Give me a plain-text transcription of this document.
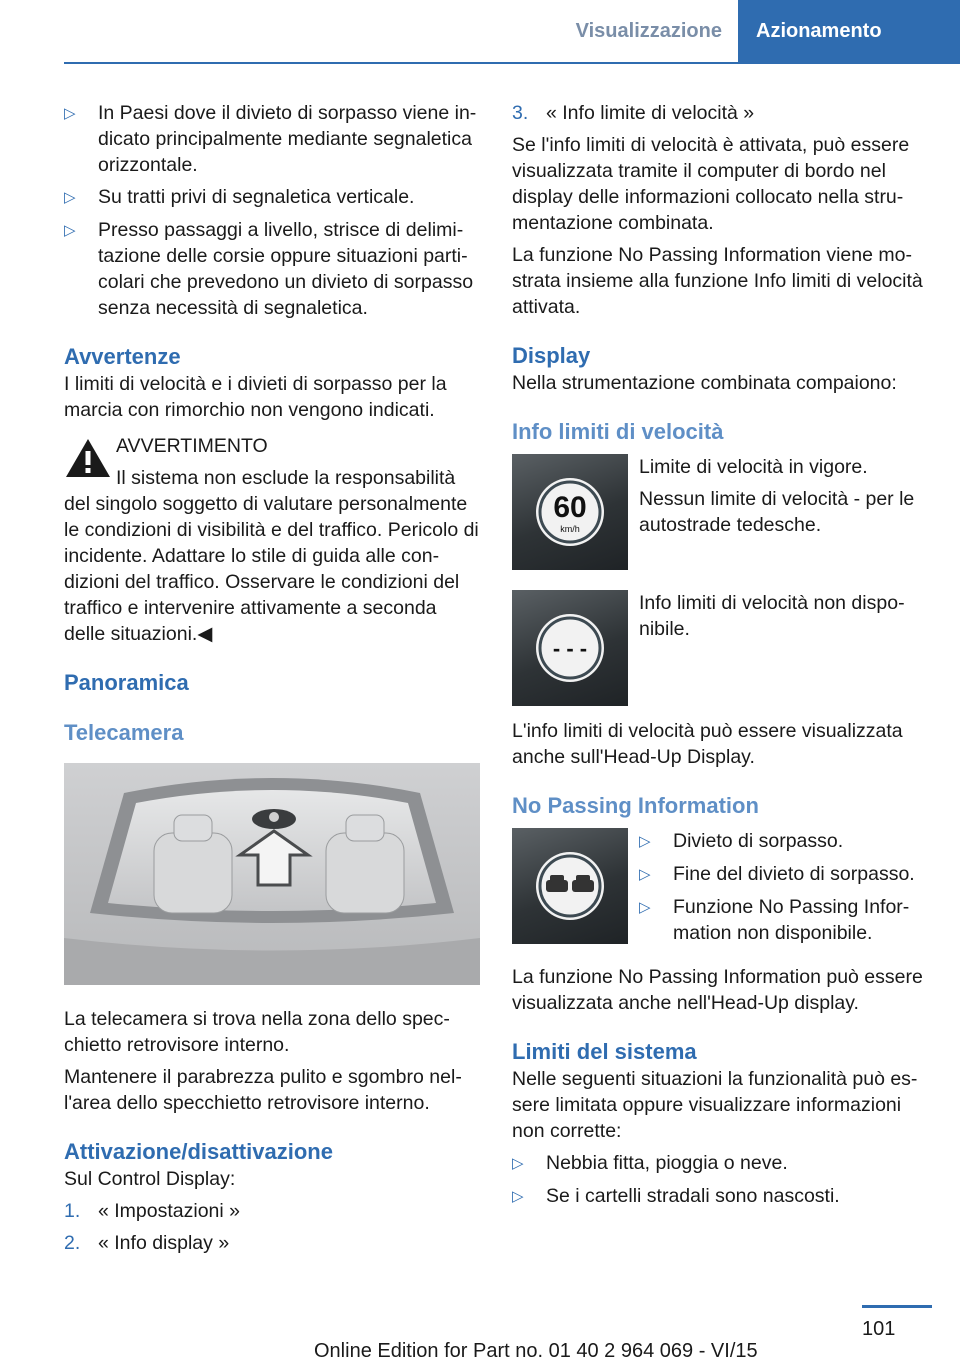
Visualizzazione	Azionamento
▷	In Paesi dove il divieto di sorpasso viene indicato principalmente mediante segnaletica orizzontale.
▷	Su tratti privi di segnaletica verticale.
▷	Presso passaggi a livello, strisce di delimitazione delle corsie oppure situazioni particolari che prevedono un divieto di sorpasso senza necessità di segnaletica.
Avvertenze

I limiti di velocità e i divieti di sorpasso per la marcia con rimorchio non vengono indicati.

AVVERTIMENTO

Il sistema non esclude la responsabilità del singolo soggetto di valutare personalmente le condizioni di visibilità e del traffico. Pericolo di incidente. Adattare lo stile di guida alle condizioni del traffico. Osservare le condizioni del traffico e intervenire attivamente a seconda delle situazioni.◀

Panoramica
Telecamera

La telecamera si trova nella zona dello specchietto retrovisore interno.

Mantenere il parabrezza pulito e sgombro nell'area dello specchietto retrovisore interno.

Attivazione/disattivazione

Sul Control Display:

1. « Impostazioni »
2. « Info display »
3. « Info limite di velocità »

Se l'info limiti di velocità è attivata, può essere visualizzata tramite il computer di bordo nel display delle informazioni collocato nella strumentazione combinata.

La funzione No Passing Information viene mostrata insieme alla funzione Info limiti di velocità attivata.

Display

Nella strumentazione combinata compaiono:

Info limiti di velocità
60
km/h

Limite di velocità in vigore.

Nessun limite di velocità - per le autostrade tedesche.

- - -

Info limiti di velocità non disponibile.

L'info limiti di velocità può essere visualizzata anche sull'Head-Up Display.

No Passing Information
▷	Divieto di sorpasso.
▷	Fine del divieto di sorpasso.
▷	Funzione No Passing Information non disponibile.

La funzione No Passing Information può essere visualizzata anche nell'Head-Up display.

Limiti del sistema

Nelle seguenti situazioni la funzionalità può essere limitata oppure visualizzare informazioni non corrette:

▷	Nebbia fitta, pioggia o neve.
▷	Se i cartelli stradali sono nascosti.
101
Online Edition for Part no. 01 40 2 964 069 - VI/15
